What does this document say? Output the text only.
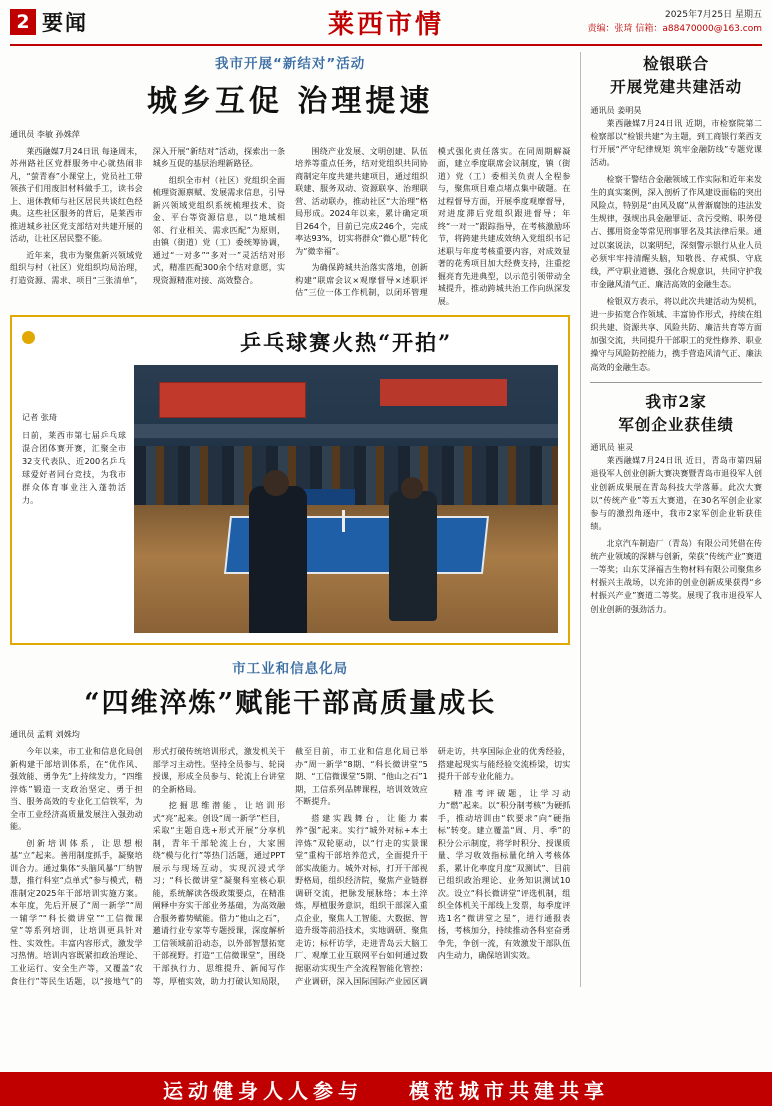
2 要闻	莱西市情	2025年7月25日 星期五
责编：张琦 信箱：a88470000@163.com
我市开展“新结对”活动
城乡互促 治理提速
通讯员 李敏 孙姝萍

莱西融媒7月24日讯 每逢周末，苏州路社区党群服务中心就热闹非凡，“萤青春”小课堂上，党员社工带领孩子们用废旧材料做手工，读书会上、退休教师与社区居民共谈红色经典。这些社区服务的背后，是莱西市推进城乡社区党支部结对共建开展的活动，让社区居民整不能。

近年来，我市为聚焦新兴领域党组织与村（社区）党组织均局治理，打造资源、需求、项目“三张清单”，深入开展“新结对”活动，探索出一条城乡互促的基层治理新路径。

组织全市村（社区）党组织全面梳理资源禀赋、发展需求信息，引导新兴领域党组织系统梳理技术、资金、平台等资源信息，以“地域相邻、行业相关、需求匹配”为原则，由镇（街道）党（工）委统筹协调，通过“一对多”“多对一”灵活结对形式，精准匹配300余个结对意愿，实现资源精准对接、高效整合。

围绕产业发展、文明创建、队伍培养等重点任务，结对党组织共同协商制定年度共建共建项目，通过组织联建、服务双动、资源联享、治理联营、活动联办，推动社区“大治理”格局形成。2024年以来，累计确定项目264个，目前已完成246个，完成率达93%，切实将群众“微心愿”转化为“微幸福”。

为确保跨城共治落实落地，创新构建“联席会议×观摩督导×述职评估”三位一体工作机制，以闭环管理模式强化责任落实。在同周期解凝面，建立季度联席会议制度，镇（街道）党（工）委相关负责人全程参与，聚焦项目难点堵点集中破题。在过程督导方面，开展季度观摩督导，对进度滞后党组织跟进督导；年终“一对一”跟踪指导，在考核激励环节，将跨建共建成效纳入党组织书记述职与年度考核重要内容，对成效显著的花秀项目加大经费支持，注重挖掘亮育先进典型，以示范引领带动全城提升，推动跨城共治工作向纵深发展。

记者 张琦
日前，莱西市第七届乒乓球混合团体赛开赛，汇聚全市32支代表队、近200名乒乓球爱好者同台竞技，为我市群众体育事业注入蓬勃活力。
乒乓球赛火热“开拍”
市工业和信息化局
“四维淬炼”赋能干部高质量成长
通讯员 孟莉 刘姝均

今年以来，市工业和信息化局创新构建干部培训体系，在“优作风、强效能、勇争先”上持续发力，“四维淬炼”锻造一支政治坚定、勇于担当、服务高效的专业化工信铁军，为全市工业经济高质量发展注入强劲动能。

创新培训体系，让思想根基“立”起来。善用制度抓手，凝聚培训合力。通过集体“头脑风暴”厂纳智慧，推行科室“点单式”参与模式，精准制定2025年干部培训实施方案。本年度，先后开展了“周一新学”“周一辅学”“科长微讲堂”“工信微课堂”等系列培训，让培训更具针对性、实效性。丰富内容形式，激发学习热情。培训内容既紧扣政治理论、工业运行、安全生产等，又覆盖“农食住行”等民生话题，以“接地气”的形式打破传统培训形式，激发机关干部学习主动性。坚持全员参与、轮岗授课，形成全员参与、轮流上台讲堂的全新格局。

挖掘思维潜能，让培训形式“亮”起来。创设“周一新学”栏目，采取“主题自选+形式开展”分享机制，青年干部轮流上台，大家围绕“模与化行”等热门活题，通过PPT展示与现场互动，实现沉浸式学习；“科长微讲堂”凝聚科室核心职能，系统解读各级政策要点，在精准阐释中夯实干部业务基础，为高效融合服务蓄势赋能。借力“他山之石”，邀请行业专家等专题授课，深度解析工信领域前沿动态，以外部智慧拓宽干部视野。打造“工信微课堂”，围绕干部执行力、思维提升、新闻写作等，厚植实效，助力打破认知局限，截至目前，市工业和信息化局已举办“周一新学”8期、“科长微讲堂”5期、“工信微课堂”5期、“他山之石”1期，工信系列品牌课程，培训效效应不断提升。

搭建实践舞台，让能力素养“强”起来。实行“城外对标+本土淬炼”双轮驱动，以“行走的实景课堂”重构干部培养范式，全面提升干部实战能力。城外对标，打开干部视野格局，组织经济院，聚焦产业链群调研交流，把脉发展脉络；本土淬炼，厚植服务意识，组织干部深入重点企业，聚焦人工智能、大数据、智造升级等前沿技术，实地调研、聚焦走访；标杆访学，走进青岛云大脑工厂、观摩工业互联网平台如何通过数据驱动实现生产全流程智能化管控；产业调研，深入国际国际产业园区调研走访，共享国际企业的优秀经验，搭建起现实与能经验交流桥梁，切实提升干部专业化能力。

精准考评破题，让学习动力“燃”起来。以“积分制考核”为硬抓手，推动培训由“软要求”向“硬指标”转变。建立覆盖“周、月、季”的积分公示制度，将学时积分、授课质量、学习收效指标量化纳入考核体系，累计化率度月度“双测试”、目前已组织政治理论、业务知识测试10次。设立“科长微讲堂”评选机制，组织全体机关干部线上发票，每季度评选1名“微讲堂之星”，进行通报表扬，考核加分，持续推动各科室奋勇争先，争创一流，有效激发干部队伍内生动力，确保培训实效。

检银联合
开展党建共建活动
通讯员 姜明昊

莱西融媒7月24日讯 近期，市检察院第二检察部以“检银共建”为主题，到工商银行莱西支行开展“严守纪律规矩 筑牢金融防线”专题党课活动。

检察干警结合金融领域工作实际和近年来发生的真实案例，深入剖析了作风建设面临的突出风险点，特别是“由风及腐”从普渐腐蚀的违法发生规律，强规出具金融罪证、贪污受贿、职务侵占、挪用资金等常见刑事罪名及其法律后果。通过以案说法，以案明纪，深刻警示银行从业人员必须牢牢持清醒头脑，知敬畏、存戒惧、守底线，严守职业道德、强化合规意识，共同守护我市金融风清气正、廉洁高效的金融生态。

检银双方表示，将以此次共建活动为契机，进一步拓宽合作领域、丰富协作形式，持续在组织共建、资源共享、风险共防、廉洁共育等方面加强交流，共同提升干部职工的党性修养、职业操守与风险防控能力，携手营造风清气正、廉法高效的金融生态。

我市2家
军创企业获佳绩
通讯员 崔灵

莱西融媒7月24日讯 近日，青岛市第四届退役军人创业创新大赛决赛暨青岛市退役军人创业创新成果展在青岛科技大学落幕。此次大赛以“传统产业”等五大赛道，在30名军创企业家参与的激烈角逐中，我市2家军创企业斩获佳绩。

北京汽车制造厂（青岛）有限公司凭借在传统产业领域的深耕与创新，荣获“传统产业”赛道一等奖；山东艾泽福吉生物材料有限公司聚焦乡村振兴主战场，以充沛的创业创新成果获得“乡村振兴产业”赛道二等奖。展现了我市退役军人创业创新的强劲活力。

运动健身人人参与 模范城市共建共享
